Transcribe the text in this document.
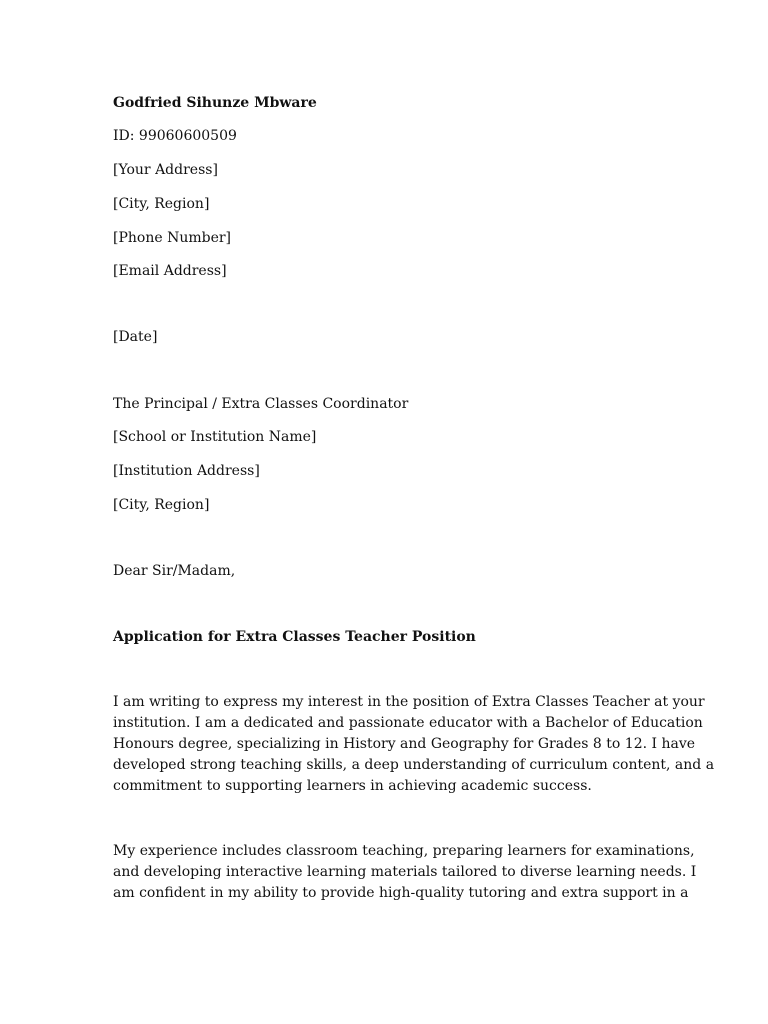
Godfried Sihunze Mbware
ID: 99060600509
[Your Address]
[City, Region]
[Phone Number]
[Email Address]
[Date]
The Principal / Extra Classes Coordinator
[School or Institution Name]
[Institution Address]
[City, Region]
Dear Sir/Madam,
Application for Extra Classes Teacher Position
I am writing to express my interest in the position of Extra Classes Teacher at your
institution. I am a dedicated and passionate educator with a Bachelor of Education
Honours degree, specializing in History and Geography for Grades 8 to 12. I have
developed strong teaching skills, a deep understanding of curriculum content, and a
commitment to supporting learners in achieving academic success.
My experience includes classroom teaching, preparing learners for examinations,
and developing interactive learning materials tailored to diverse learning needs. I
am confident in my ability to provide high-quality tutoring and extra support in a
